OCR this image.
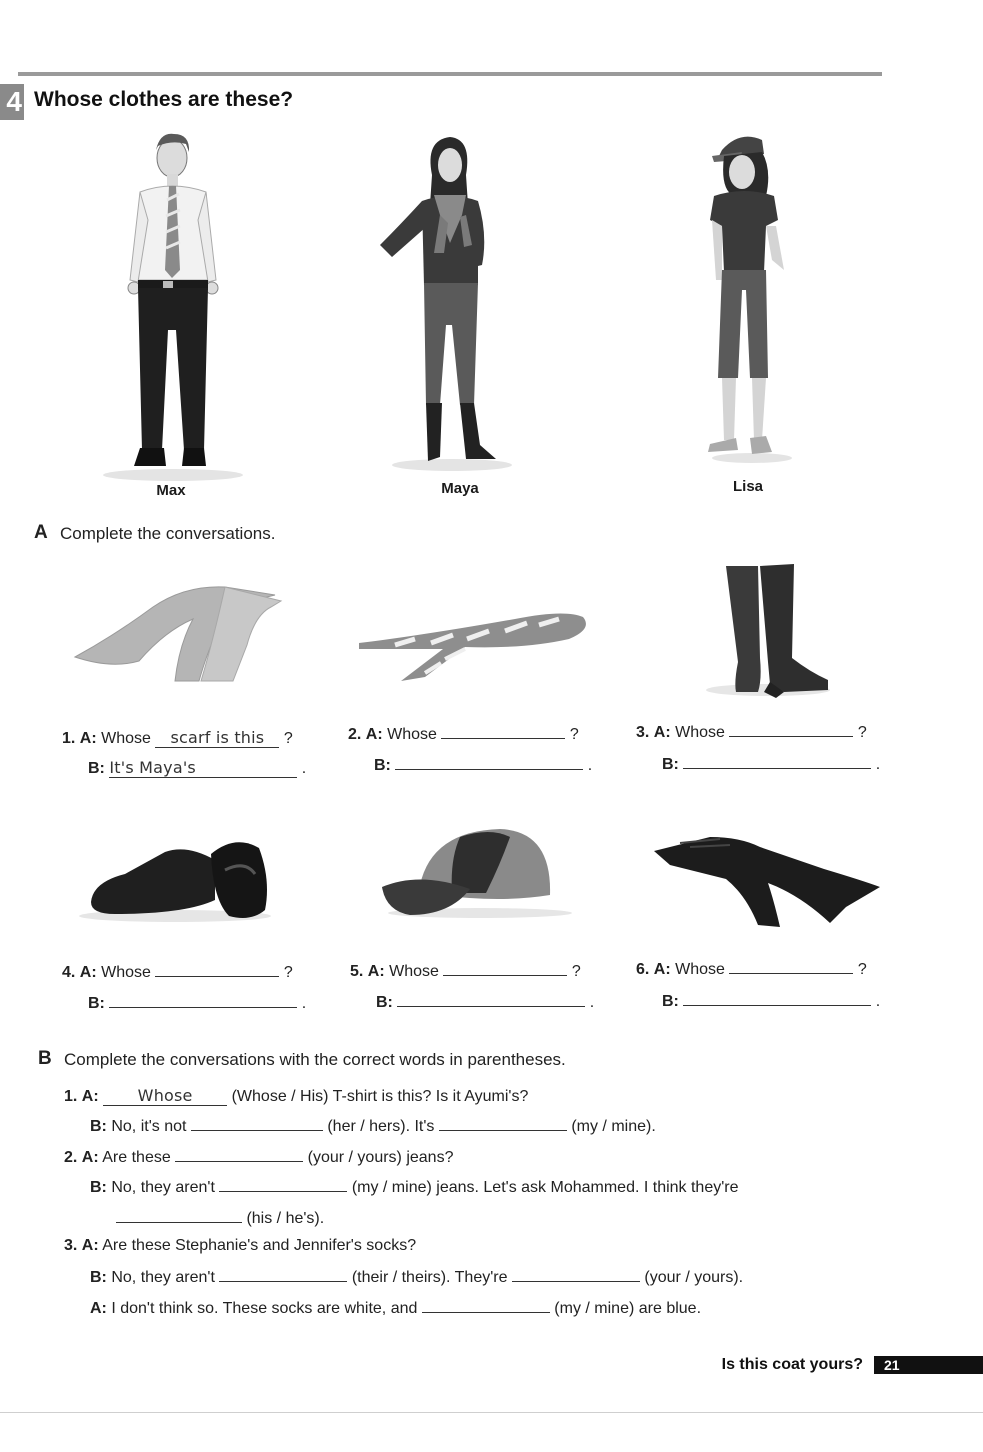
4 Whose clothes are these?
Max	Maya	Lisa
A Complete the conversations.
1. A: Whose scarf is this ?
B: It's Maya's	.
2. A: Whose	?
B:	.
3. A: Whose	?
B:	.
4. A: Whose	?
B:	.
5. A: Whose	?
B:	.
6. A: Whose	?
B:	.
B Complete the conversations with the correct words in parentheses.
1. A: Whose (Whose / His) T-shirt is this? Is it Ayumi's?
B: No, it's not	(her / hers). It's	(my / mine).
2. A: Are these	(your / yours) jeans?
B: No, they aren't	(my / mine) jeans. Let's ask Mohammed. I think they're
(his / he's).
3. A: Are these Stephanie's and Jennifer's socks?
B: No, they aren't	(their / theirs). They're	(your / yours).
A: I don't think so. These socks are white, and	(my / mine) are blue.
Is this coat yours?	21
